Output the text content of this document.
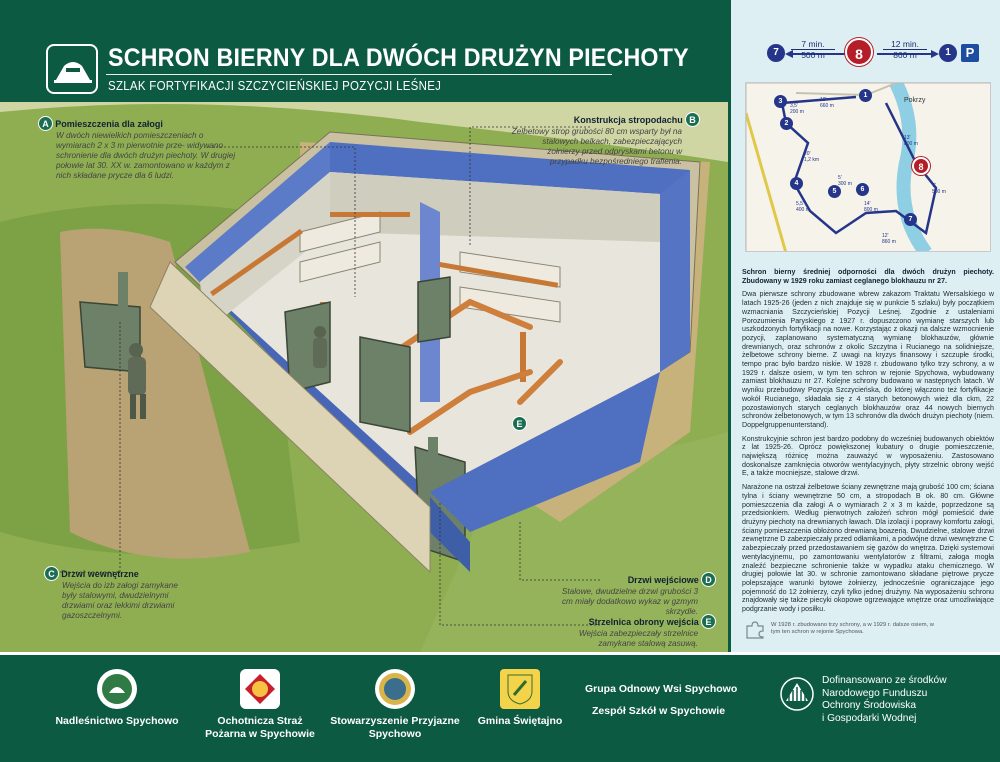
SCHRON BIERNY DLA DWÓCH DRUŻYN PIECHOTY
SZLAK FORTYFIKACJI SZCZYCIEŃSKIEJ POZYCJI LEŚNEJ
A Pomieszczenia dla załogi
W dwóch niewielkich pomieszczeniach o wymiarach 2 x 3 m pierwotnie prze- widywano schronienie dla dwóch drużyn piechoty. W drugiej połowie lat 30. XX w. zamontowano w każdym z nich składane prycze dla 6 ludzi.
Konstrukcja stropodachu B
Żelbetowy strop grubości 80 cm wsparty był na stalowych belkach, zabezpieczających żołnierzy przed odpryskami betonu w przypadku bezpośredniego trafienia.
C Drzwi wewnętrzne
Wejścia do izb załogi zamykane były stalowymi, dwudzielnymi drzwiami oraz lekkimi drzwiami gazoszczelnymi.
Drzwi wejściowe D
Stalowe, dwudzielne drzwi grubości 3 cm miały dodatkowo wykaz w gzmym skrzydle.
Strzelnica obrony wejścia E
Wejścia zabezpieczały strzelnice zamykane stalową zasuwą.
E
7
7 min.
500 m	8
12 min.
860 m	1	P
Pokrzy
1
2
3
4
5	6
7
8
10'
660 m
3,5'
200 m
20'
1,2 km
5,5'
400 m
5'
300 m
14'
800 m
7'
500 m
13'
800 m
12'
860 m
Schron bierny średniej odporności dla dwóch drużyn piechoty. Zbudowany w 1929 roku zamiast ceglanego blokhauzu nr 27.

Dwa pierwsze schrony zbudowane wbrew zakazom Traktatu Wersalskiego w latach 1925-26 (jeden z nich znajduje się w punkcie 5 szlaku) były początkiem wzmacniania Szczycieńskiej Pozycji Leśnej. Zgodnie z ustaleniami Porozumienia Paryskiego z 1927 r. dopuszczono wymianę starszych lub uszkodzonych fortyfikacji na nowe. Korzystając z okazji na dalsze wzmocnienie pozycji, zaplanowano systematyczną wymianę blokhauzów, głównie drewnianych, oraz schronów z okolic Szczytna i Rucianego na solidniejsze, żelbetowe schrony bierne. Z uwagi na kryzys finansowy i szczupłe środki, tempo prac było bardzo niskie. W 1928 r. zbudowano tylko trzy schrony, a w 1929 r. dalsze osiem, w tym ten schron w rejonie Spychowa, wybudowany zamiast blokhauzu nr 27. Kolejne schrony budowano w następnych latach. W wyniku przebudowy Pozycja Szczycieńska, do której włączono też fortyfikacje wokół Rucianego, składała się z 4 starych betonowych wież dla ckm, 22 pozostawionych starych ceglanych blokhauzów oraz 44 nowych biernych schronów żelbetonowych, w tym 13 schronów dla dwóch drużyn piechoty (niem. Doppelgruppenunterstand).

Konstrukcyjnie schron jest bardzo podobny do wcześniej budowanych obiektów z lat 1925-26. Oprócz powiększonej kubatury o drugie pomieszczenie, największą różnicę można zauważyć w wyposażeniu. Zastosowano doskonalsze zamknięcia otworów wentylacyjnych, płyty strzelnic obrony wejść E, a także mocniejsze, stalowe drzwi.

Narażone na ostrzał żelbetowe ściany zewnętrzne mają grubość 100 cm; ściana tylna i ściany wewnętrzne 50 cm, a stropodach B ok. 80 cm. Główne pomieszczenia dla załogi A o wymiarach 2 x 3 m każde, poprzedzone są przedsionkiem. Według pierwotnych założeń schron mógł pomieścić dwie drużyny piechoty na drewnianych ławach. Dla izolacji i poprawy komfortu załogi, ściany pomieszczenia obłożono drewnianą boazerią. Dwudzielne, stalowe drzwi zewnętrzne D zabezpieczały przed odłamkami, a podwójne drzwi wewnętrzne C zabezpieczały przed przedostawaniem się gazów do wnętrza. Dzięki systemowi wentylacyjnemu, po zamontowaniu wentylatorów z filtrami, załoga mogła znaleźć bezpieczne schronienie także w wypadku ataku chemicznego. W drugiej połowie lat 30. w schronie zamontowano składane piętrowe prycze polepszające warunki bytowe żołnierzy, jednocześnie ograniczające jego pojemność do 12 żołnierzy, czyli tylko jednej drużyny. Na wyposażeniu schronu znajdowały się także piecyki okopowe ogrzewające wnętrze oraz umożliwiające podgrzanie wody i posiłku.

W 1928 r. zbudowano trzy schrony, a w 1929 r. dalsze osiem, w tym ten schron w rejonie Spychowa.
Nadleśnictwo Spychowo	Ochotnicza Straż Pożarna w Spychowie
Stowarzyszenie Przyjazne Spychowo
Gmina Świętajno
Grupa Odnowy Wsi Spychowo
Zespół Szkół w Spychowie
Dofinansowano ze środków
Narodowego Funduszu
Ochrony Środowiska
i Gospodarki Wodnej
